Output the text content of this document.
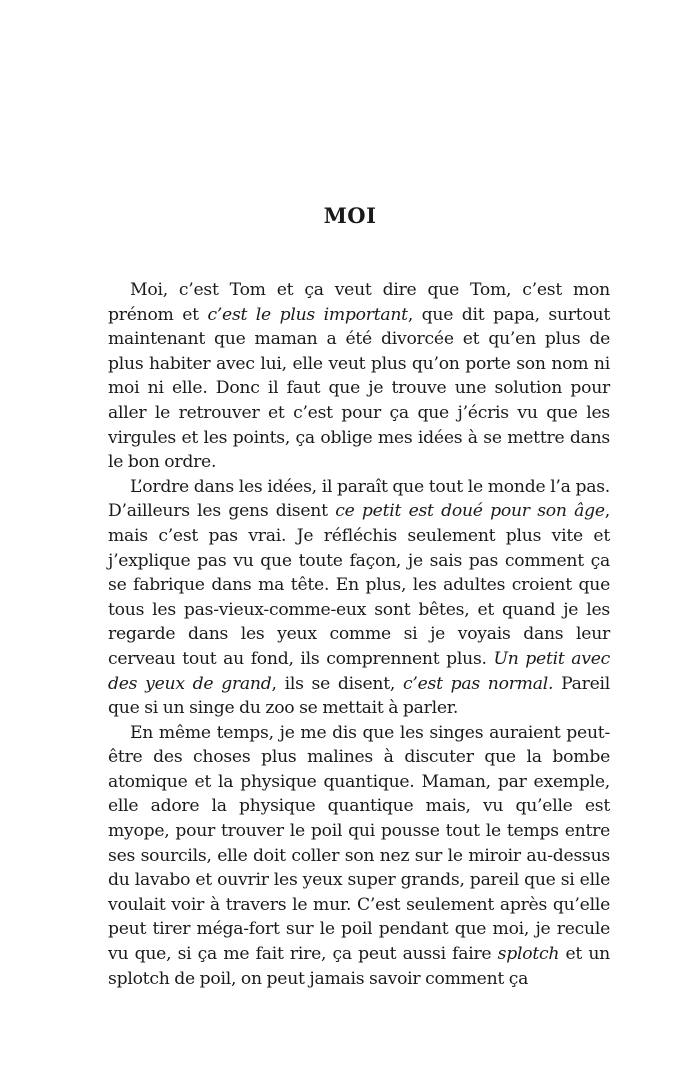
MOI

Moi, c’est Tom et ça veut dire que Tom, c’est mon prénom et c’est le plus important, que dit papa, surtout maintenant que maman a été divorcée et qu’en plus de plus habiter avec lui, elle veut plus qu’on porte son nom ni moi ni elle. Donc il faut que je trouve une solution pour aller le retrouver et c’est pour ça que j’écris vu que les virgules et les points, ça oblige mes idées à se mettre dans le bon ordre.

L’ordre dans les idées, il paraît que tout le monde l’a pas. D’ailleurs les gens disent ce petit est doué pour son âge, mais c’est pas vrai. Je réfléchis seulement plus vite et j’explique pas vu que toute façon, je sais pas comment ça se fabrique dans ma tête. En plus, les adultes croient que tous les pas-vieux-comme-eux sont bêtes, et quand je les regarde dans les yeux comme si je voyais dans leur cerveau tout au fond, ils comprennent plus. Un petit avec des yeux de grand, ils se disent, c’est pas normal. Pareil que si un singe du zoo se mettait à parler.

En même temps, je me dis que les singes auraient peut-être des choses plus malines à discuter que la bombe atomique et la physique quantique. Maman, par exemple, elle adore la physique quantique mais, vu qu’elle est myope, pour trouver le poil qui pousse tout le temps entre ses sourcils, elle doit coller son nez sur le miroir au-dessus du lavabo et ouvrir les yeux super grands, pareil que si elle voulait voir à travers le mur. C’est seulement après qu’elle peut tirer méga-fort sur le poil pendant que moi, je recule vu que, si ça me fait rire, ça peut aussi faire splotch et un splotch de poil, on peut jamais savoir comment ça
